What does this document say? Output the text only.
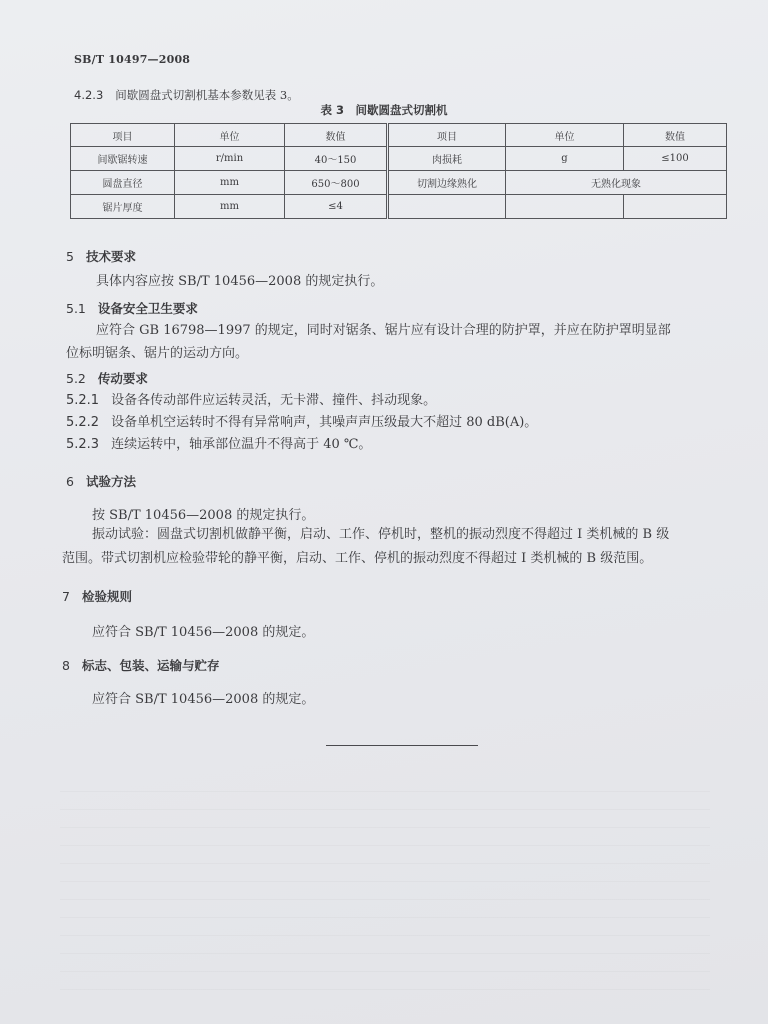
SB/T 10497—2008
4.2.3 间歇圆盘式切割机基本参数见表 3。
表 3　间歇圆盘式切割机
项目	单位	数值	项目	单位	数值
间歇锯转速	r/min	40～150	肉损耗	g	≤100
圆盘直径	mm	650～800	切割边缘熟化	无熟化现象	
锯片厚度	mm	≤4			
5 技术要求
具体内容应按 SB/T 10456—2008 的规定执行。
5.1 设备安全卫生要求
应符合 GB 16798—1997 的规定，同时对锯条、锯片应有设计合理的防护罩，并应在防护罩明显部
位标明锯条、锯片的运动方向。
5.2 传动要求
5.2.1 设备各传动部件应运转灵活，无卡滞、撞件、抖动现象。
5.2.2 设备单机空运转时不得有异常响声，其噪声声压级最大不超过 80 dB(A)。
5.2.3 连续运转中，轴承部位温升不得高于 40 ℃。
6 试验方法
按 SB/T 10456—2008 的规定执行。
振动试验：圆盘式切割机做静平衡，启动、工作、停机时，整机的振动烈度不得超过 Ⅰ 类机械的 B 级
范围。带式切割机应检验带轮的静平衡，启动、工作、停机的振动烈度不得超过 Ⅰ 类机械的 B 级范围。
7 检验规则
应符合 SB/T 10456—2008 的规定。
8 标志、包装、运输与贮存
应符合 SB/T 10456—2008 的规定。
